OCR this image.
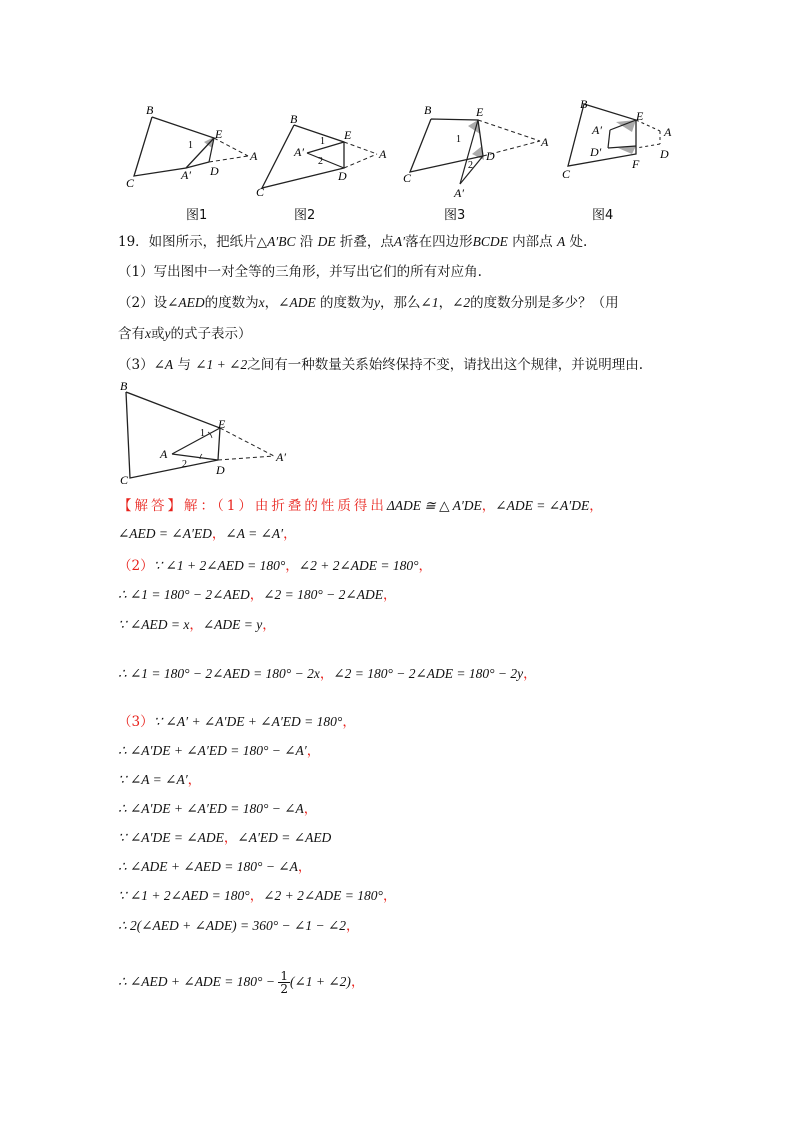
B
E
1
A
D
A′
C
B
1 E
A′
2
A
D
C
B	E
1	A
2
D
C
A′
B
E
A′	A
D′	D
F
C
图1	图2	图3	图4
19．如图所示，把纸片△A′BC 沿 DE 折叠，点A′落在四边形BCDE 内部点 A 处.
（1）写出图中一对全等的三角形，并写出它们的所有对应角.
（2）设∠AED的度数为x，∠ADE 的度数为y，那么∠1，∠2的度数分别是多少？（用
含有x或y的式子表示）
（3）∠A 与 ∠1 + ∠2之间有一种数量关系始终保持不变，请找出这个规律，并说明理由.
B
1
E
A
2 D
A′
C
【解答】解：（1）由折叠的性质得出ΔADE ≅ △ A′DE，∠ADE = ∠A′DE，
∠AED = ∠A′ED，∠A = ∠A′，
（2）∵ ∠1 + 2∠AED = 180°，∠2 + 2∠ADE = 180°，
∴ ∠1 = 180° − 2∠AED，∠2 = 180° − 2∠ADE，
∵ ∠AED = x，∠ADE = y，
∴ ∠1 = 180° − 2∠AED = 180° − 2x，∠2 = 180° − 2∠ADE = 180° − 2y，
（3）∵ ∠A′ + ∠A′DE + ∠A′ED = 180°，
∴ ∠A′DE + ∠A′ED = 180° − ∠A′，
∵ ∠A = ∠A′，
∴ ∠A′DE + ∠A′ED = 180° − ∠A，
∵ ∠A′DE = ∠ADE，∠A′ED = ∠AED
∴ ∠ADE + ∠AED = 180° − ∠A，
∵ ∠1 + 2∠AED = 180°，∠2 + 2∠ADE = 180°，
∴ 2(∠AED + ∠ADE) = 360° − ∠1 − ∠2，
∴ ∠AED + ∠ADE = $180^\circ - \frac{1}{2}$ (∠1 + ∠2)，
